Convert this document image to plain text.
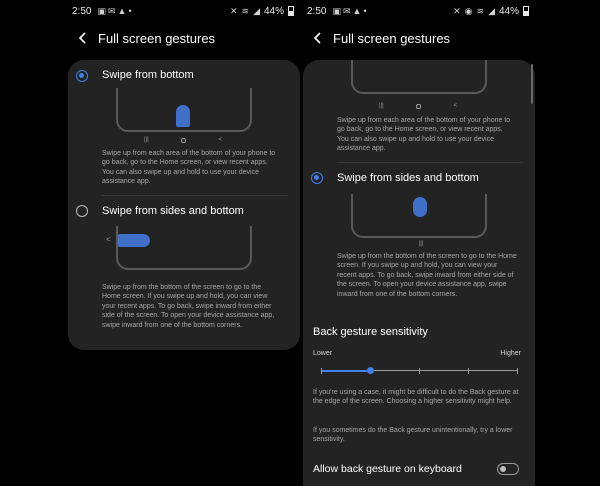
2:50 ▣✉▲•	✕ ≋ ◢ 44%
Full screen gestures
Swipe from bottom
|||	<
Swipe up from each area of the bottom of your phone to go back, go to the Home screen, or view recent apps. You can also swipe up and hold to use your device assistance app.
Swipe from sides and bottom
<
Swipe up from the bottom of the screen to go to the Home screen. If you swipe up and hold, you can view your recent apps. To go back, swipe inward from either side of the screen. To open your device assistance app, swipe inward from one of the bottom corners.
2:50 ▣✉▲•	✕ ◉ ≋ ◢ 44%
Full screen gestures
|||	<
Swipe up from each area of the bottom of your phone to go back, go to the Home screen, or view recent apps. You can also swipe up and hold to use your device assistance app.
Swipe from sides and bottom
|||
Swipe up from the bottom of the screen to go to the Home screen. If you swipe up and hold, you can view your recent apps. To go back, swipe inward from either side of the screen. To open your device assistance app, swipe inward from one of the bottom corners.
Back gesture sensitivity
Lower	Higher
If you're using a case, it might be difficult to do the Back gesture at the edge of the screen. Choosing a higher sensitivity might help.
If you sometimes do the Back gesture unintentionally, try a lower sensitivity.
Allow back gesture on keyboard
